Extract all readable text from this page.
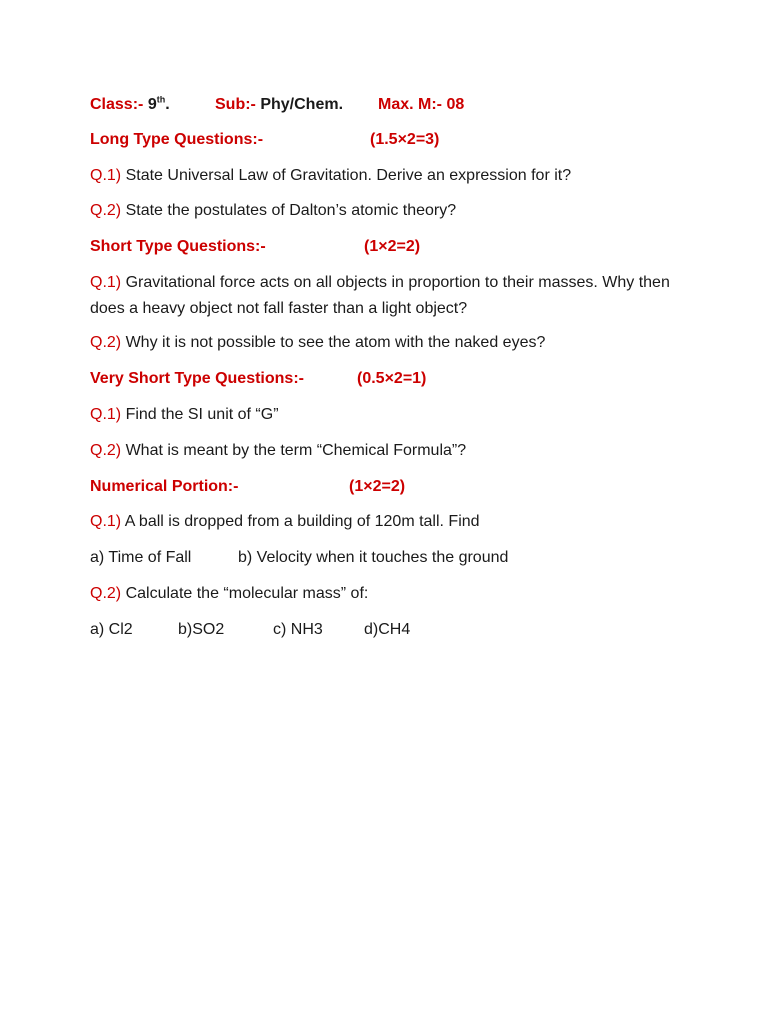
Class:- 9th.	Sub:- Phy/Chem. Max. M:- 08
Long Type Questions:-	(1.5×2=3)
Q.1) State Universal Law of Gravitation. Derive an expression for it?
Q.2) State the postulates of Dalton’s atomic theory?
Short Type Questions:-	(1×2=2)
Q.1) Gravitational force acts on all objects in proportion to their masses. Why then does a heavy object not fall faster than a light object?
Q.2) Why it is not possible to see the atom with the naked eyes?
Very Short Type Questions:-	(0.5×2=1)
Q.1) Find the SI unit of “G”
Q.2) What is meant by the term “Chemical Formula”?
Numerical Portion:-	(1×2=2)
Q.1) A ball is dropped from a building of 120m tall. Find
a) Time of Fall	b) Velocity when it touches the ground
Q.2) Calculate the “molecular mass” of:
a) Cl2	b)SO2	c) NH3	d)CH4
